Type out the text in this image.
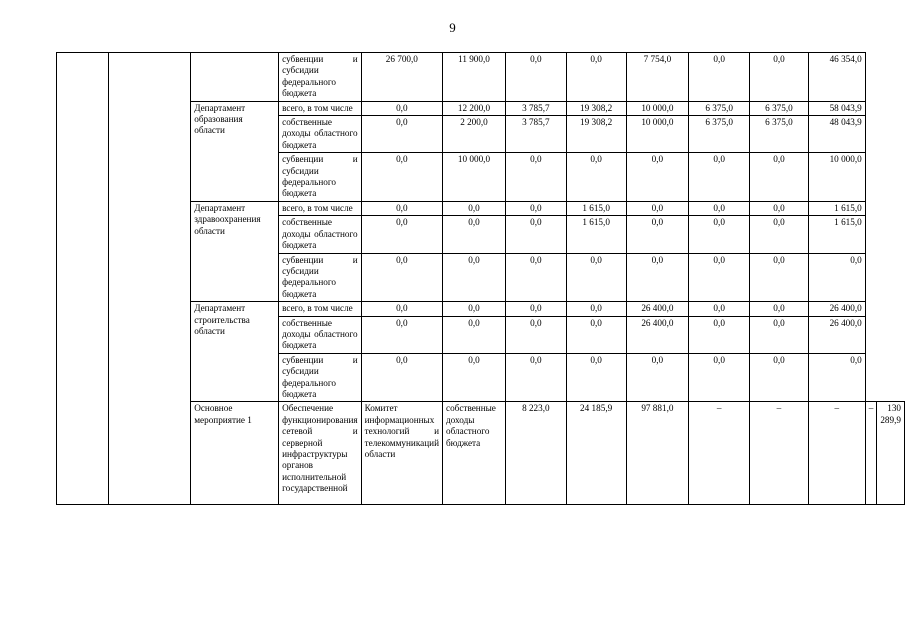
9
			субвенции и субсидии федерального бюджета	26 700,0	11 900,0	0,0	0,0	7 754,0	0,0	0,0	46 354,0		
		Департамент образования области	всего, в том числе	0,0	12 200,0	3 785,7	19 308,2	10 000,0	6 375,0	6 375,0	58 043,9		
			собственные доходы областного бюджета	0,0	2 200,0	3 785,7	19 308,2	10 000,0	6 375,0	6 375,0	48 043,9		
			субвенции и субсидии федерального бюджета	0,0	10 000,0	0,0	0,0	0,0	0,0	0,0	10 000,0		
		Департамент здравоохранения области	всего, в том числе	0,0	0,0	0,0	1 615,0	0,0	0,0	0,0	1 615,0		
			собственные доходы областного бюджета	0,0	0,0	0,0	1 615,0	0,0	0,0	0,0	1 615,0		
			субвенции и субсидии федерального бюджета	0,0	0,0	0,0	0,0	0,0	0,0	0,0	0,0		
		Департамент строительства области	всего, в том числе	0,0	0,0	0,0	0,0	26 400,0	0,0	0,0	26 400,0		
			собственные доходы областного бюджета	0,0	0,0	0,0	0,0	26 400,0	0,0	0,0	26 400,0		
			субвенции и субсидии федерального бюджета	0,0	0,0	0,0	0,0	0,0	0,0	0,0	0,0		
		Основное мероприятие 1	Обеспечение функционирования сетевой и серверной инфраструктуры органов исполнительной государственной	Комитет информационных технологий и телекоммуникаций области	собственные доходы областного бюджета	8 223,0	24 185,9	97 881,0	–	–	–	–	130 289,9
